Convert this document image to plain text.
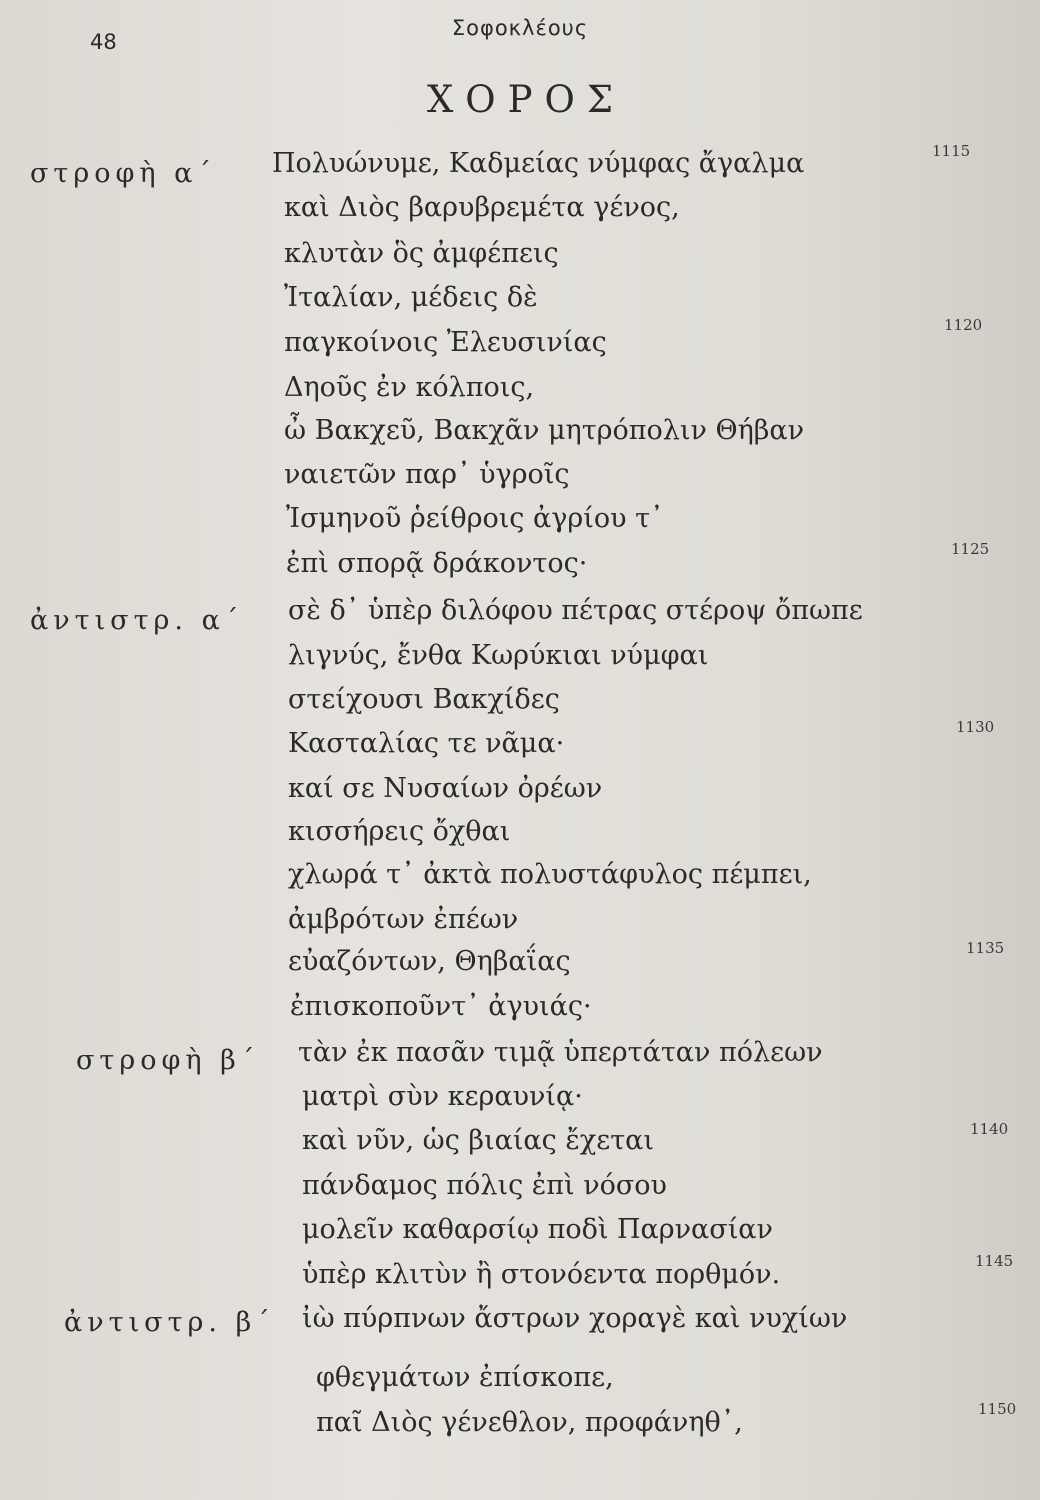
48
Σοφοκλέους
ΧΟΡΟΣ
στροφὴ α΄
ἀντιστρ. α΄
στροφὴ β΄
ἀντιστρ. β΄
Πολυώνυμε, Καδμείας νύμφας ἄγαλμα
καὶ Διὸς βαρυβρεμέτα γένος,
κλυτὰν ὃς ἀμφέπεις
Ἰταλίαν, μέδεις δὲ
παγκοίνοις Ἐλευσινίας
Δηοῦς ἐν κόλποις,
ὦ Βακχεῦ, Βακχᾶν μητρόπολιν Θήβαν
ναιετῶν παρ᾽ ὑγροῖς
Ἰσμηνοῦ ῥείθροις ἀγρίου τ᾽
ἐπὶ σπορᾷ δράκοντος·
σὲ δ᾽ ὑπὲρ διλόφου πέτρας στέροψ ὄπωπε
λιγνύς, ἔνθα Κωρύκιαι νύμφαι
στείχουσι Βακχίδες
Κασταλίας τε νᾶμα·
καί σε Νυσαίων ὀρέων
κισσήρεις ὄχθαι
χλωρά τ᾽ ἀκτὰ πολυστάφυλος πέμπει,
ἀμβρότων ἐπέων
εὐαζόντων, Θηβαΐας
ἐπισκοποῦντ᾽ ἀγυιάς·
τὰν ἐκ πασᾶν τιμᾷ ὑπερτάταν πόλεων
ματρὶ σὺν κεραυνίᾳ·
καὶ νῦν, ὡς βιαίας ἔχεται
πάνδαμος πόλις ἐπὶ νόσου
μολεῖν καθαρσίῳ ποδὶ Παρνασίαν
ὑπὲρ κλιτὺν ἢ στονόεντα πορθμόν.
ἰὼ πύρπνων ἄστρων χοραγὲ καὶ νυχίων
φθεγμάτων ἐπίσκοπε,
παῖ Διὸς γένεθλον, προφάνηθ᾽,
1115
1120
1125
1130
1135
1140
1145
1150
